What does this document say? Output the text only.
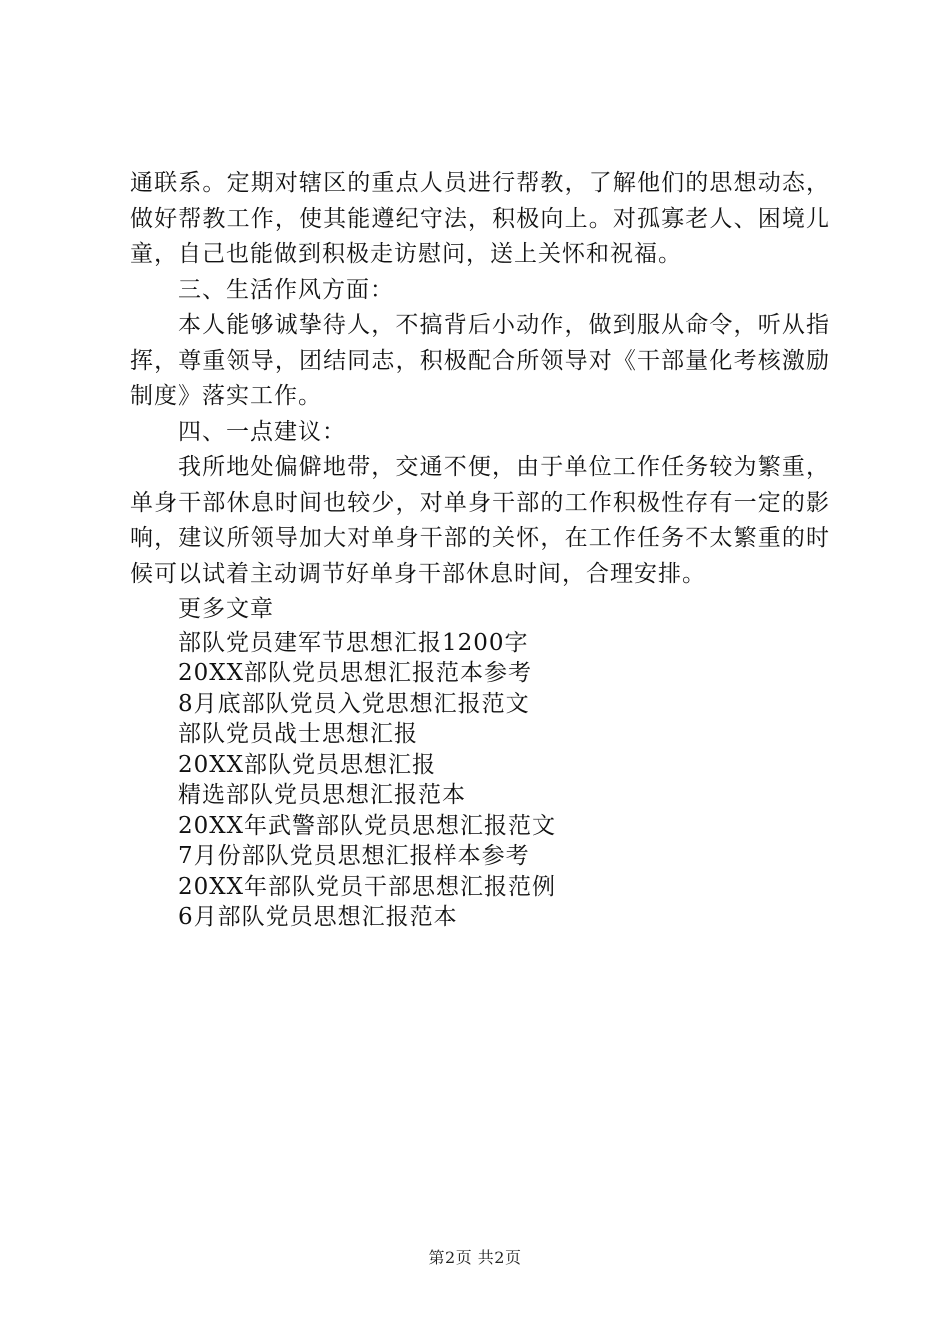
通联系。定期对辖区的重点人员进行帮教，了解他们的思想动态，做好帮教工作，使其能遵纪守法，积极向上。对孤寡老人、困境儿童，自己也能做到积极走访慰问，送上关怀和祝福。

三、生活作风方面：

本人能够诚挚待人，不搞背后小动作，做到服从命令，听从指挥，尊重领导，团结同志，积极配合所领导对《干部量化考核激励制度》落实工作。

四、一点建议：

我所地处偏僻地带，交通不便，由于单位工作任务较为繁重，单身干部休息时间也较少，对单身干部的工作积极性存有一定的影响，建议所领导加大对单身干部的关怀，在工作任务不太繁重的时候可以试着主动调节好单身干部休息时间，合理安排。

更多文章

部队党员建军节思想汇报1200字
20XX部队党员思想汇报范本参考
8月底部队党员入党思想汇报范文
部队党员战士思想汇报
20XX部队党员思想汇报
精选部队党员思想汇报范本
20XX年武警部队党员思想汇报范文
7月份部队党员思想汇报样本参考
20XX年部队党员干部思想汇报范例
6月部队党员思想汇报范本
第2页 共2页
